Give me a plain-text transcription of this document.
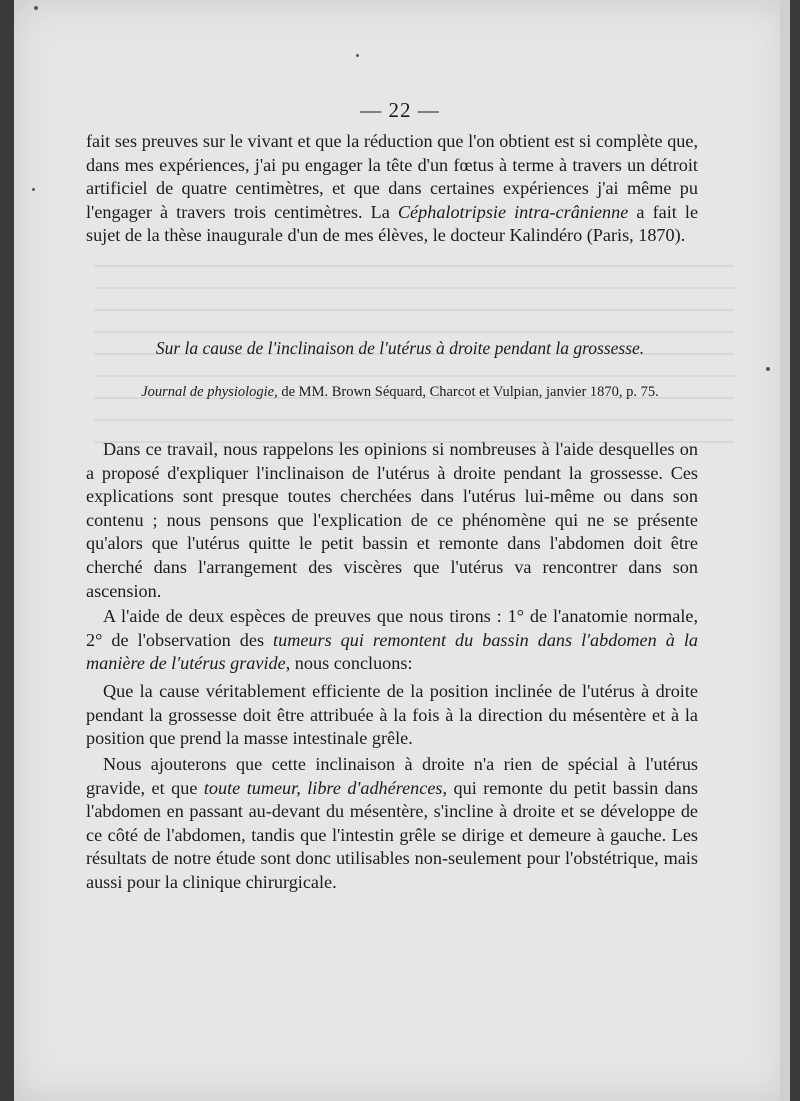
— 22 —

fait ses preuves sur le vivant et que la réduction que l'on obtient est si complète que, dans mes expériences, j'ai pu engager la tête d'un fœtus à terme à travers un détroit artificiel de quatre centimètres, et que dans certaines expériences j'ai même pu l'engager à travers trois centimètres. La Céphalotripsie intra-crânienne a fait le sujet de la thèse inaugurale d'un de mes élèves, le docteur Kalindéro (Paris, 1870).

Sur la cause de l'inclinaison de l'utérus à droite pendant la grossesse.
Journal de physiologie, de MM. Brown Séquard, Charcot et Vulpian, janvier 1870, p. 75.

Dans ce travail, nous rappelons les opinions si nombreuses à l'aide desquelles on a proposé d'expliquer l'inclinaison de l'utérus à droite pendant la grossesse. Ces explications sont presque toutes cherchées dans l'utérus lui-même ou dans son contenu ; nous pensons que l'explication de ce phénomène qui ne se présente qu'alors que l'utérus quitte le petit bassin et remonte dans l'abdomen doit être cherché dans l'arrangement des viscères que l'utérus va rencontrer dans son ascension.

A l'aide de deux espèces de preuves que nous tirons : 1° de l'anatomie normale, 2° de l'observation des tumeurs qui remontent du bassin dans l'abdomen à la manière de l'utérus gravide, nous concluons:

Que la cause véritablement efficiente de la position inclinée de l'utérus à droite pendant la grossesse doit être attribuée à la fois à la direction du mésentère et à la position que prend la masse intestinale grêle.

Nous ajouterons que cette inclinaison à droite n'a rien de spécial à l'utérus gravide, et que toute tumeur, libre d'adhérences, qui remonte du petit bassin dans l'abdomen en passant au-devant du mésentère, s'incline à droite et se développe de ce côté de l'abdomen, tandis que l'intestin grêle se dirige et demeure à gauche. Les résultats de notre étude sont donc utilisables non-seulement pour l'obstétrique, mais aussi pour la clinique chirurgicale.
